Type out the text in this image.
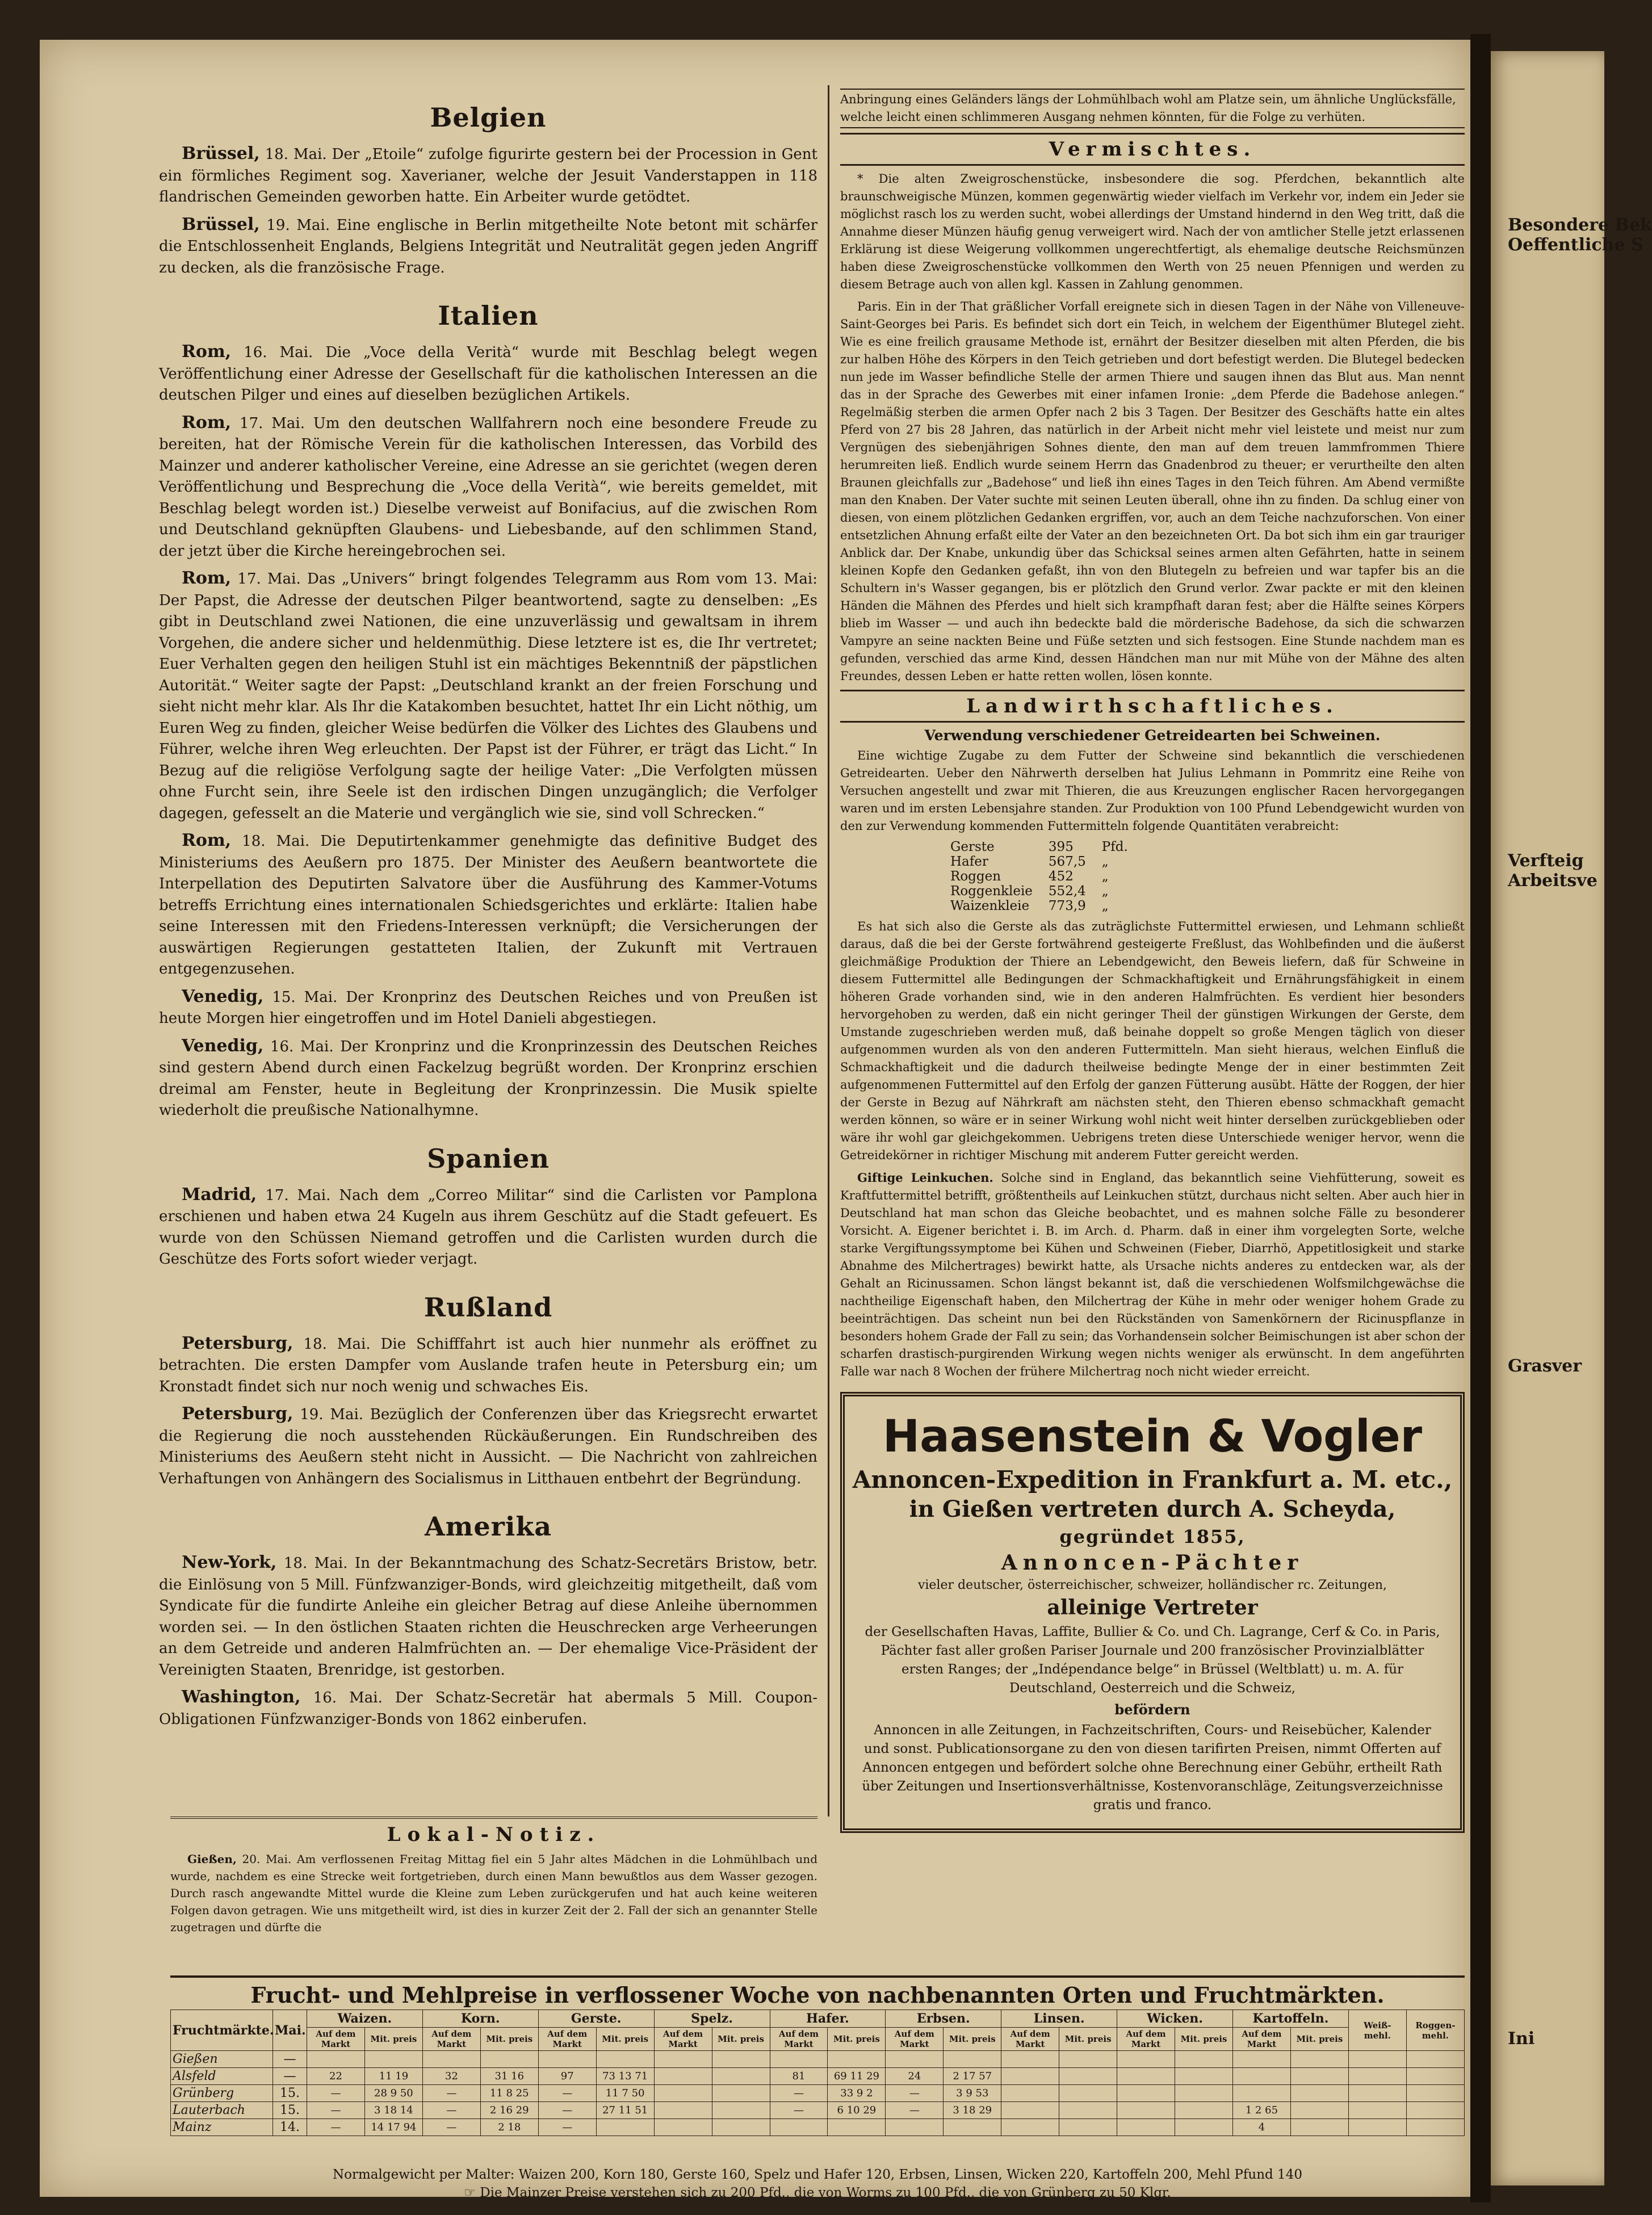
Besondere Bek
Oeffentliche S
Verfteig
Arbeitsve
Grasver
Ini
Belgien

Brüssel, 18. Mai. Der „Etoile“ zufolge figurirte gestern bei der Procession in Gent ein förmliches Regiment sog. Xaverianer, welche der Jesuit Vanderstappen in 118 flandrischen Gemeinden geworben hatte. Ein Arbeiter wurde getödtet.

Brüssel, 19. Mai. Eine englische in Berlin mitgetheilte Note betont mit schärfer die Entschlossenheit Englands, Belgiens Integrität und Neutralität gegen jeden Angriff zu decken, als die französische Frage.

Italien

Rom, 16. Mai. Die „Voce della Verità“ wurde mit Beschlag belegt wegen Veröffentlichung einer Adresse der Gesellschaft für die katholischen Interessen an die deutschen Pilger und eines auf dieselben bezüglichen Artikels.

Rom, 17. Mai. Um den deutschen Wallfahrern noch eine besondere Freude zu bereiten, hat der Römische Verein für die katholischen Interessen, das Vorbild des Mainzer und anderer katholischer Vereine, eine Adresse an sie gerichtet (wegen deren Veröffentlichung und Besprechung die „Voce della Verità“, wie bereits gemeldet, mit Beschlag belegt worden ist.) Dieselbe verweist auf Bonifacius, auf die zwischen Rom und Deutschland geknüpften Glaubens- und Liebesbande, auf den schlimmen Stand, der jetzt über die Kirche hereingebrochen sei.

Rom, 17. Mai. Das „Univers“ bringt folgendes Telegramm aus Rom vom 13. Mai: Der Papst, die Adresse der deutschen Pilger beantwortend, sagte zu denselben: „Es gibt in Deutschland zwei Nationen, die eine unzuverlässig und gewaltsam in ihrem Vorgehen, die andere sicher und heldenmüthig. Diese letztere ist es, die Ihr vertretet; Euer Verhalten gegen den heiligen Stuhl ist ein mächtiges Bekenntniß der päpstlichen Autorität.“ Weiter sagte der Papst: „Deutschland krankt an der freien Forschung und sieht nicht mehr klar. Als Ihr die Katakomben besuchtet, hattet Ihr ein Licht nöthig, um Euren Weg zu finden, gleicher Weise bedürfen die Völker des Lichtes des Glaubens und Führer, welche ihren Weg erleuchten. Der Papst ist der Führer, er trägt das Licht.“ In Bezug auf die religiöse Verfolgung sagte der heilige Vater: „Die Verfolgten müssen ohne Furcht sein, ihre Seele ist den irdischen Dingen unzugänglich; die Verfolger dagegen, gefesselt an die Materie und vergänglich wie sie, sind voll Schrecken.“

Rom, 18. Mai. Die Deputirtenkammer genehmigte das definitive Budget des Ministeriums des Aeußern pro 1875. Der Minister des Aeußern beantwortete die Interpellation des Deputirten Salvatore über die Ausführung des Kammer-Votums betreffs Errichtung eines internationalen Schiedsgerichtes und erklärte: Italien habe seine Interessen mit den Friedens-Interessen verknüpft; die Versicherungen der auswärtigen Regierungen gestatteten Italien, der Zukunft mit Vertrauen entgegenzusehen.

Venedig, 15. Mai. Der Kronprinz des Deutschen Reiches und von Preußen ist heute Morgen hier eingetroffen und im Hotel Danieli abgestiegen.

Venedig, 16. Mai. Der Kronprinz und die Kronprinzessin des Deutschen Reiches sind gestern Abend durch einen Fackelzug begrüßt worden. Der Kronprinz erschien dreimal am Fenster, heute in Begleitung der Kronprinzessin. Die Musik spielte wiederholt die preußische Nationalhymne.

Spanien

Madrid, 17. Mai. Nach dem „Correo Militar“ sind die Carlisten vor Pamplona erschienen und haben etwa 24 Kugeln aus ihrem Geschütz auf die Stadt gefeuert. Es wurde von den Schüssen Niemand getroffen und die Carlisten wurden durch die Geschütze des Forts sofort wieder verjagt.

Rußland

Petersburg, 18. Mai. Die Schifffahrt ist auch hier nunmehr als eröffnet zu betrachten. Die ersten Dampfer vom Auslande trafen heute in Petersburg ein; um Kronstadt findet sich nur noch wenig und schwaches Eis.

Petersburg, 19. Mai. Bezüglich der Conferenzen über das Kriegsrecht erwartet die Regierung die noch ausstehenden Rückäußerungen. Ein Rundschreiben des Ministeriums des Aeußern steht nicht in Aussicht. — Die Nachricht von zahlreichen Verhaftungen von Anhängern des Socialismus in Litthauen entbehrt der Begründung.

Amerika

New-York, 18. Mai. In der Bekanntmachung des Schatz-Secretärs Bristow, betr. die Einlösung von 5 Mill. Fünfzwanziger-Bonds, wird gleichzeitig mitgetheilt, daß vom Syndicate für die fundirte Anleihe ein gleicher Betrag auf diese Anleihe übernommen worden sei. — In den östlichen Staaten richten die Heuschrecken arge Verheerungen an dem Getreide und anderen Halmfrüchten an. — Der ehemalige Vice-Präsident der Vereinigten Staaten, Brenridge, ist gestorben.

Washington, 16. Mai. Der Schatz-Secretär hat abermals 5 Mill. Coupon-Obligationen Fünfzwanziger-Bonds von 1862 einberufen.

Anbringung eines Geländers längs der Lohmühlbach wohl am Platze sein, um ähnliche Unglücksfälle, welche leicht einen schlimmeren Ausgang nehmen könnten, für die Folge zu verhüten.
Vermischtes.

* Die alten Zweigroschenstücke, insbesondere die sog. Pferdchen, bekanntlich alte braunschweigische Münzen, kommen gegenwärtig wieder vielfach im Verkehr vor, indem ein Jeder sie möglichst rasch los zu werden sucht, wobei allerdings der Umstand hindernd in den Weg tritt, daß die Annahme dieser Münzen häufig genug verweigert wird. Nach der von amtlicher Stelle jetzt erlassenen Erklärung ist diese Weigerung vollkommen ungerechtfertigt, als ehemalige deutsche Reichsmünzen haben diese Zweigroschenstücke vollkommen den Werth von 25 neuen Pfennigen und werden zu diesem Betrage auch von allen kgl. Kassen in Zahlung genommen.

Paris. Ein in der That gräßlicher Vorfall ereignete sich in diesen Tagen in der Nähe von Villeneuve-Saint-Georges bei Paris. Es befindet sich dort ein Teich, in welchem der Eigenthümer Blutegel zieht. Wie es eine freilich grausame Methode ist, ernährt der Besitzer dieselben mit alten Pferden, die bis zur halben Höhe des Körpers in den Teich getrieben und dort befestigt werden. Die Blutegel bedecken nun jede im Wasser befindliche Stelle der armen Thiere und saugen ihnen das Blut aus. Man nennt das in der Sprache des Gewerbes mit einer infamen Ironie: „dem Pferde die Badehose anlegen.“ Regelmäßig sterben die armen Opfer nach 2 bis 3 Tagen. Der Besitzer des Geschäfts hatte ein altes Pferd von 27 bis 28 Jahren, das natürlich in der Arbeit nicht mehr viel leistete und meist nur zum Vergnügen des siebenjährigen Sohnes diente, den man auf dem treuen lammfrommen Thiere herumreiten ließ. Endlich wurde seinem Herrn das Gnadenbrod zu theuer; er verurtheilte den alten Braunen gleichfalls zur „Badehose“ und ließ ihn eines Tages in den Teich führen. Am Abend vermißte man den Knaben. Der Vater suchte mit seinen Leuten überall, ohne ihn zu finden. Da schlug einer von diesen, von einem plötzlichen Gedanken ergriffen, vor, auch an dem Teiche nachzuforschen. Von einer entsetzlichen Ahnung erfaßt eilte der Vater an den bezeichneten Ort. Da bot sich ihm ein gar trauriger Anblick dar. Der Knabe, unkundig über das Schicksal seines armen alten Gefährten, hatte in seinem kleinen Kopfe den Gedanken gefaßt, ihn von den Blutegeln zu befreien und war tapfer bis an die Schultern in's Wasser gegangen, bis er plötzlich den Grund verlor. Zwar packte er mit den kleinen Händen die Mähnen des Pferdes und hielt sich krampfhaft daran fest; aber die Hälfte seines Körpers blieb im Wasser — und auch ihn bedeckte bald die mörderische Badehose, da sich die schwarzen Vampyre an seine nackten Beine und Füße setzten und sich festsogen. Eine Stunde nachdem man es gefunden, verschied das arme Kind, dessen Händchen man nur mit Mühe von der Mähne des alten Freundes, dessen Leben er hatte retten wollen, lösen konnte.

Landwirthschaftliches.
Verwendung verschiedener Getreidearten bei Schweinen.

Eine wichtige Zugabe zu dem Futter der Schweine sind bekanntlich die verschiedenen Getreidearten. Ueber den Nährwerth derselben hat Julius Lehmann in Pommritz eine Reihe von Versuchen angestellt und zwar mit Thieren, die aus Kreuzungen englischer Racen hervorgegangen waren und im ersten Lebensjahre standen. Zur Produktion von 100 Pfund Lebendgewicht wurden von den zur Verwendung kommenden Futtermitteln folgende Quantitäten verabreicht:

Gerste	395	Pfd.
Hafer	567,5	„
Roggen	452	„
Roggenkleie	552,4	„
Waizenkleie	773,9	„

Es hat sich also die Gerste als das zuträglichste Futtermittel erwiesen, und Lehmann schließt daraus, daß die bei der Gerste fortwährend gesteigerte Freßlust, das Wohlbefinden und die äußerst gleichmäßige Produktion der Thiere an Lebendgewicht, den Beweis liefern, daß für Schweine in diesem Futtermittel alle Bedingungen der Schmackhaftigkeit und Ernährungsfähigkeit in einem höheren Grade vorhanden sind, wie in den anderen Halmfrüchten. Es verdient hier besonders hervorgehoben zu werden, daß ein nicht geringer Theil der günstigen Wirkungen der Gerste, dem Umstande zugeschrieben werden muß, daß beinahe doppelt so große Mengen täglich von dieser aufgenommen wurden als von den anderen Futtermitteln. Man sieht hieraus, welchen Einfluß die Schmackhaftigkeit und die dadurch theilweise bedingte Menge der in einer bestimmten Zeit aufgenommenen Futtermittel auf den Erfolg der ganzen Fütterung ausübt. Hätte der Roggen, der hier der Gerste in Bezug auf Nährkraft am nächsten steht, den Thieren ebenso schmackhaft gemacht werden können, so wäre er in seiner Wirkung wohl nicht weit hinter derselben zurückgeblieben oder wäre ihr wohl gar gleichgekommen. Uebrigens treten diese Unterschiede weniger hervor, wenn die Getreidekörner in richtiger Mischung mit anderem Futter gereicht werden.

Giftige Leinkuchen. Solche sind in England, das bekanntlich seine Viehfütterung, soweit es Kraftfuttermittel betrifft, größtentheils auf Leinkuchen stützt, durchaus nicht selten. Aber auch hier in Deutschland hat man schon das Gleiche beobachtet, und es mahnen solche Fälle zu besonderer Vorsicht. A. Eigener berichtet i. B. im Arch. d. Pharm. daß in einer ihm vorgelegten Sorte, welche starke Vergiftungssymptome bei Kühen und Schweinen (Fieber, Diarrhö, Appetitlosigkeit und starke Abnahme des Milchertrages) bewirkt hatte, als Ursache nichts anderes zu entdecken war, als der Gehalt an Ricinussamen. Schon längst bekannt ist, daß die verschiedenen Wolfsmilchgewächse die nachtheilige Eigenschaft haben, den Milchertrag der Kühe in mehr oder weniger hohem Grade zu beeinträchtigen. Das scheint nun bei den Rückständen von Samenkörnern der Ricinuspflanze in besonders hohem Grade der Fall zu sein; das Vorhandensein solcher Beimischungen ist aber schon der scharfen drastisch-purgirenden Wirkung wegen nichts weniger als erwünscht. In dem angeführten Falle war nach 8 Wochen der frühere Milchertrag noch nicht wieder erreicht.

Haasenstein & Vogler
Annoncen-Expedition in Frankfurt a. M. etc.,
in Gießen vertreten durch A. Scheyda,
gegründet 1855,
Annoncen-Pächter
vieler deutscher, österreichischer, schweizer, holländischer rc. Zeitungen,
alleinige Vertreter
der Gesellschaften Havas, Laffite, Bullier & Co. und Ch. Lagrange, Cerf & Co. in Paris, Pächter fast aller großen Pariser Journale und 200 französischer Provinzialblätter ersten Ranges; der „Indépendance belge“ in Brüssel (Weltblatt) u. m. A. für Deutschland, Oesterreich und die Schweiz,
befördern
Annoncen in alle Zeitungen, in Fachzeitschriften, Cours- und Reisebücher, Kalender und sonst. Publicationsorgane zu den von diesen tarifirten Preisen, nimmt Offerten auf Annoncen entgegen und befördert solche ohne Berechnung einer Gebühr, ertheilt Rath über Zeitungen und Insertionsverhältnisse, Kostenvoranschläge, Zeitungsverzeichnisse gratis und franco.
Lokal-Notiz.

Gießen, 20. Mai. Am verflossenen Freitag Mittag fiel ein 5 Jahr altes Mädchen in die Lohmühlbach und wurde, nachdem es eine Strecke weit fortgetrieben, durch einen Mann bewußtlos aus dem Wasser gezogen. Durch rasch angewandte Mittel wurde die Kleine zum Leben zurückgerufen und hat auch keine weiteren Folgen davon getragen. Wie uns mitgetheilt wird, ist dies in kurzer Zeit der 2. Fall der sich an genannter Stelle zugetragen und dürfte die

Frucht- und Mehlpreise in verflossener Woche von nachbenannten Orten und Fruchtmärkten.
Fruchtmärkte.	Mai.	Waizen.		Korn.		Gerste.		Spelz.		Hafer.		Erbsen.		Linsen.		Wicken.		Kartoffeln.		Weiß-mehl.	Roggen-mehl.
		Auf dem Markt	Mit. preis	Auf dem Markt	Mit. preis	Auf dem Markt	Mit. preis	Auf dem Markt	Mit. preis	Auf dem Markt	Mit. preis	Auf dem Markt	Mit. preis	Auf dem Markt	Mit. preis	Auf dem Markt	Mit. preis	Auf dem Markt	Mit. preis		
Gießen	—																				
Alsfeld	—	22	11 19	32	31 16	97	73 13 71			81	69 11 29	24	2 17 57								
Grünberg	15.	—	28 9 50	—	11 8 25	—	11 7 50			—	33 9 2	—	3 9 53								
Lauterbach	15.	—	3 18 14	—	2 16 29	—	27 11 51			—	6 10 29	—	3 18 29					1 2 65			
Mainz	14.	—	14 17 94	—	2 18	—												4			
Normalgewicht per Malter: Waizen 200, Korn 180, Gerste 160, Spelz und Hafer 120, Erbsen, Linsen, Wicken 220, Kartoffeln 200, Mehl Pfund 140
☞ Die Mainzer Preise verstehen sich zu 200 Pfd., die von Worms zu 100 Pfd., die von Grünberg zu 50 Klgr.
